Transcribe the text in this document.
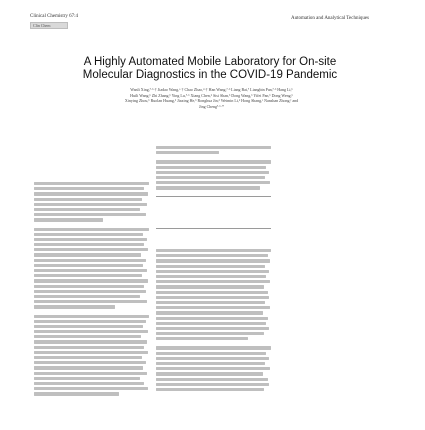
Clinical Chemistry 67:4
Clin Chem
Automation and Analytical Techniques
A Highly Automated Mobile Laboratory for On-site
Molecular Diagnostics in the COVID-19 Pandemic
Wanli Xing,ª·ᵇ·† Jiadao Wang,ᶜ·† Chao Zhao,ᵈ·† Han Wang,ª·ᵇ Liang Bai,ª Liangbin Pan,ª·ᵇ Hang Li,ᵇ
Huili Wang,ᵇ Zhi Zhang,ᵇ Ying Lu,ª·ᵇ Xiang Chen,ᵇ Sisi Shan,ᵇ Dong Wang,ᵇ Yifei Pan,ᵇ Dong Weng,ᵇ
Xinying Zhou,ᵇ Ruolan Huang,ᵇ Jiaxing He,ᵇ Ronghua Jin,ᵈ Weimin Li,ᵈ Hong Shang,ᵉ Nanshan Zhong,ᶠ and
Jing Chengª·ᵇ·*
